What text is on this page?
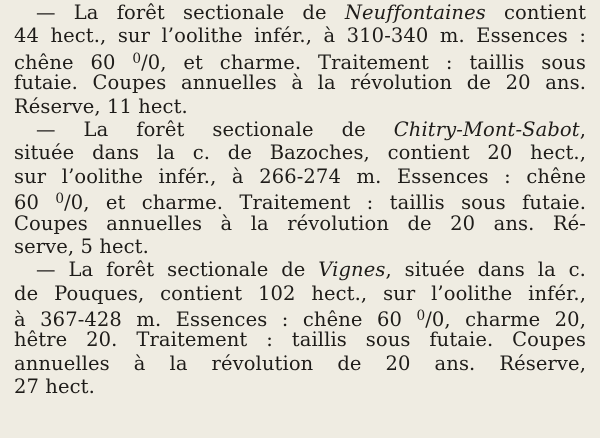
— La forêt sectionale de Neuffontaines contient
44 hect., sur l’oolithe infér., à 310-340 m. Essences :
chêne 60 $^0$/0, et charme. Traitement : taillis sous
futaie. Coupes annuelles à la révolution de 20 ans.
Réserve, 11 hect.
— La forêt sectionale de Chitry-Mont-Sabot,
située dans la c. de Bazoches, contient 20 hect.,
sur l’oolithe infér., à 266-274 m. Essences : chêne
60 $^0$/0, et charme. Traitement : taillis sous futaie.
Coupes annuelles à la révolution de 20 ans. Ré-
serve, 5 hect.
— La forêt sectionale de Vignes, située dans la c.
de Pouques, contient 102 hect., sur l’oolithe infér.,
à 367-428 m. Essences : chêne 60 $^0$/0, charme 20,
hêtre 20. Traitement : taillis sous futaie. Coupes
annuelles à la révolution de 20 ans. Réserve,
27 hect.
